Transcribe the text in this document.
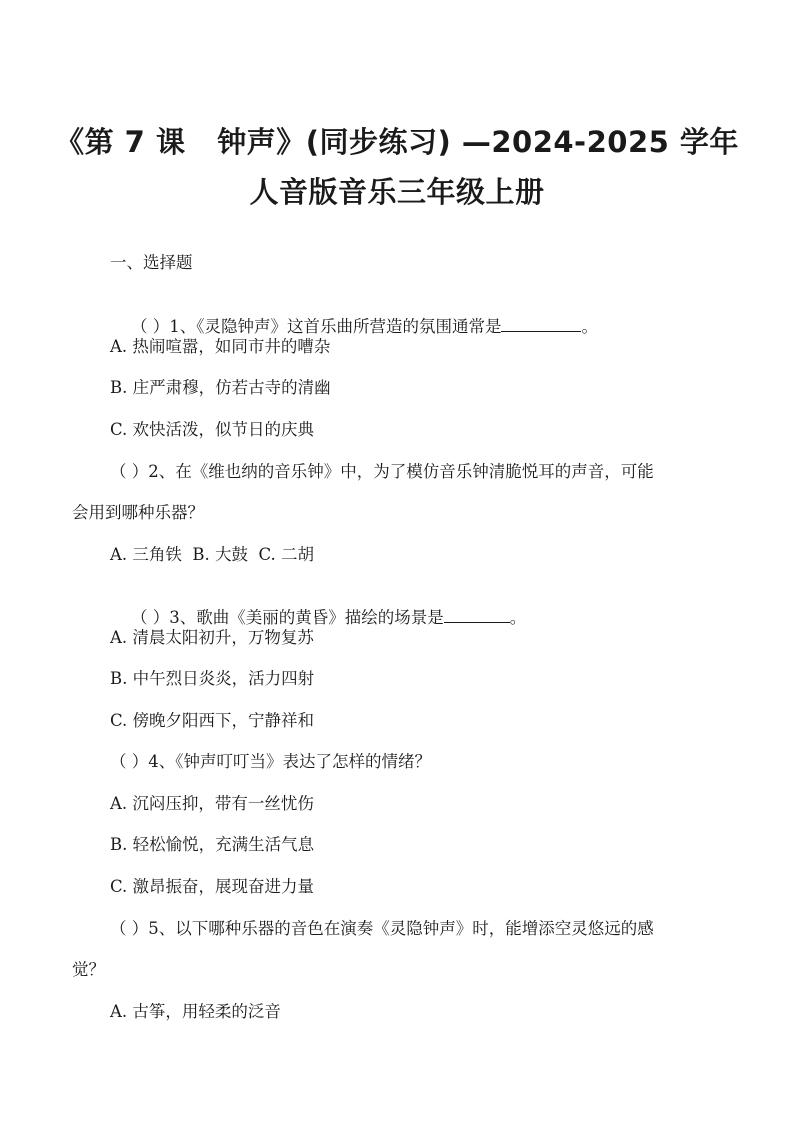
《第 7 课   钟声》(同步练习) —2024-2025 学年
人音版音乐三年级上册
一、选择题

（ ）1、《灵隐钟声》这首乐曲所营造的氛围通常是	。

A. 热闹喧嚣，如同市井的嘈杂
B. 庄严肃穆，仿若古寺的清幽
C. 欢快活泼，似节日的庆典
（ ）2、在《维也纳的音乐钟》中，为了模仿音乐钟清脆悦耳的声音，可能
会用到哪种乐器？
A. 三角铁  B. 大鼓  C. 二胡

（ ）3、歌曲《美丽的黄昏》描绘的场景是	。

A. 清晨太阳初升，万物复苏
B. 中午烈日炎炎，活力四射
C. 傍晚夕阳西下，宁静祥和
（ ）4、《钟声叮叮当》表达了怎样的情绪？
A. 沉闷压抑，带有一丝忧伤
B. 轻松愉悦，充满生活气息
C. 激昂振奋，展现奋进力量
（ ）5、以下哪种乐器的音色在演奏《灵隐钟声》时，能增添空灵悠远的感
觉？
A. 古筝，用轻柔的泛音
